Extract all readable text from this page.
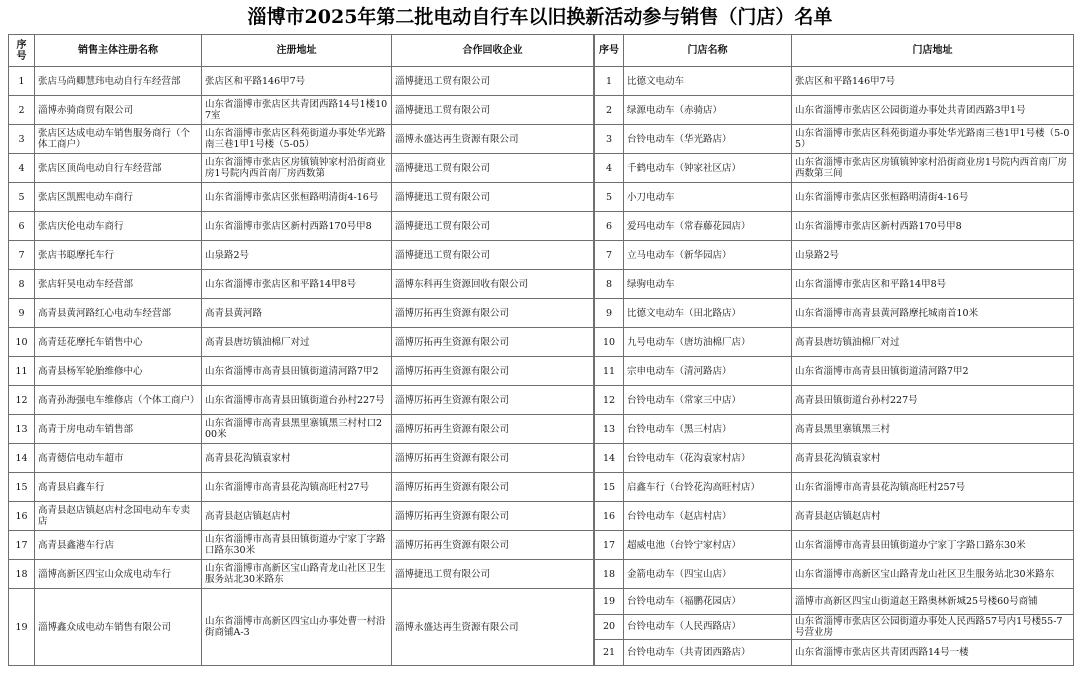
淄博市2025年第二批电动自行车以旧换新活动参与销售（门店）名单
序号	销售主体注册名称	注册地址	合作回收企业
1	张店马尚卿慧玮电动自行车经营部	张店区和平路146甲7号	淄博捷迅工贸有限公司
2	淄博赤骑商贸有限公司	山东省淄博市张店区共青团西路14号1楼107室	淄博捷迅工贸有限公司
3	张店区达成电动车销售服务商行（个体工商户）	山东省淄博市张店区科苑街道办事处华光路南三巷1甲1号楼（5-05）	淄博永盛达再生资源有限公司
4	张店区顶尚电动自行车经营部	山东省淄博市张店区房镇镇钟家村沿街商业房1号院内西首南厂房西数第	淄博捷迅工贸有限公司
5	张店区凯熙电动车商行	山东省淄博市张店区张桓路明清街4-16号	淄博捷迅工贸有限公司
6	张店庆伦电动车商行	山东省淄博市张店区新村西路170号甲8	淄博捷迅工贸有限公司
7	张店书聪摩托车行	山泉路2号	淄博捷迅工贸有限公司
8	张店轩昊电动车经营部	山东省淄博市张店区和平路14甲8号	淄博东科再生资源回收有限公司
9	高青县黄河路红心电动车经营部	高青县黄河路	淄博厉拓再生资源有限公司
10	高青廷花摩托车销售中心	高青县唐坊镇油棉厂对过	淄博厉拓再生资源有限公司
11	高青县杨军轮胎维修中心	山东省淄博市高青县田镇街道清河路7甲2	淄博厉拓再生资源有限公司
12	高青孙海强电车维修店（个体工商户）	山东省淄博市高青县田镇街道台孙村227号	淄博厉拓再生资源有限公司
13	高青于房电动车销售部	山东省淄博市高青县黑里寨镇黑三村村口200米	淄博厉拓再生资源有限公司
14	高青德信电动车超市	高青县花沟镇袁家村	淄博厉拓再生资源有限公司
15	高青县启鑫车行	山东省淄博市高青县花沟镇高旺村27号	淄博厉拓再生资源有限公司
16	高青县赵店镇赵店村念国电动车专卖店	高青县赵店镇赵店村	淄博厉拓再生资源有限公司
17	高青县鑫港车行店	山东省淄博市高青县田镇街道办宁家丁字路口路东30米	淄博厉拓再生资源有限公司
18	淄博高新区四宝山众成电动车行	山东省淄博市高新区宝山路青龙山社区卫生服务站北30米路东	淄博捷迅工贸有限公司
19	淄博鑫众成电动车销售有限公司	山东省淄博市高新区四宝山办事处曹一村沿街商铺A-3	淄博永盛达再生资源有限公司
序号	门店名称	门店地址
1	比德文电动车	张店区和平路146甲7号
2	绿源电动车（赤骑店）	山东省淄博市张店区公园街道办事处共青团西路3甲1号
3	台铃电动车（华光路店）	山东省淄博市张店区科苑街道办事处华光路南三巷1甲1号楼（5-05）
4	千鹤电动车（钟家社区店）	山东省淄博市张店区房镇镇钟家村沿街商业房1号院内西首南厂房西数第三间
5	小刀电动车	山东省淄博市张店区张桓路明清街4-16号
6	爱玛电动车（常春藤花园店）	山东省淄博市张店区新村西路170号甲8
7	立马电动车（新华园店）	山泉路2号
8	绿驹电动车	山东省淄博市张店区和平路14甲8号
9	比德文电动车（田北路店）	山东省淄博市高青县黄河路摩托城南首10米
10	九号电动车（唐坊油棉厂店）	高青县唐坊镇油棉厂对过
11	宗申电动车（清河路店）	山东省淄博市高青县田镇街道清河路7甲2
12	台铃电动车（常家三中店）	高青县田镇街道台孙村227号
13	台铃电动车（黑三村店）	高青县黑里寨镇黑三村
14	台铃电动车（花沟袁家村店）	高青县花沟镇袁家村
15	启鑫车行（台铃花沟高旺村店）	山东省淄博市高青县花沟镇高旺村257号
16	台铃电动车（赵店村店）	高青县赵店镇赵店村
17	超威电池（台铃宁家村店）	山东省淄博市高青县田镇街道办宁家丁字路口路东30米
18	金箭电动车（四宝山店）	山东省淄博市高新区宝山路青龙山社区卫生服务站北30米路东
19	台铃电动车（福鹏花园店）	淄博市高新区四宝山街道赵王路奥林新城25号楼60号商铺
20	台铃电动车（人民西路店）	山东省淄博市张店区公园街道办事处人民西路57号内1号楼55-7号营业房
21	台铃电动车（共青团西路店）	山东省淄博市张店区共青团西路14号一楼
